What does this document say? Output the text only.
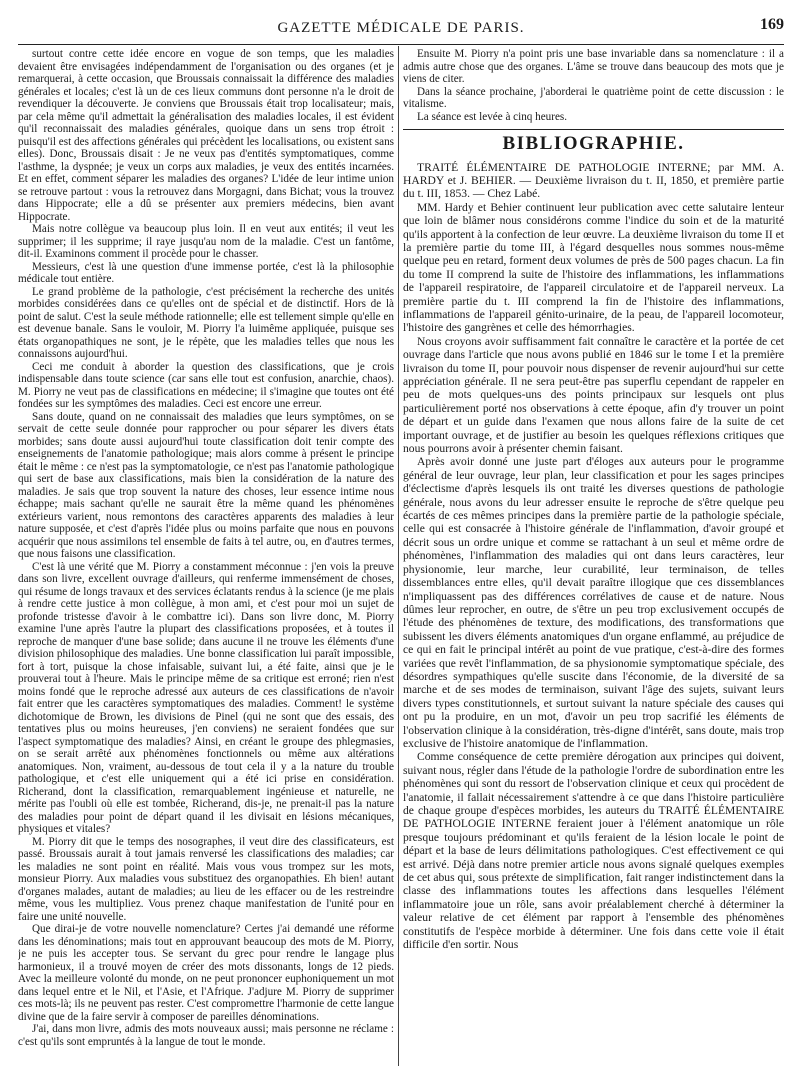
GAZETTE MÉDICALE DE PARIS.	169

surtout contre cette idée encore en vogue de son temps, que les maladies devaient être envisagées indépendamment de l'organisation ou des organes (et je remarquerai, à cette occasion, que Broussais connaissait la différence des maladies générales et locales; c'est là un de ces lieux communs dont personne n'a le droit de revendiquer la découverte. Je conviens que Broussais était trop localisateur; mais, par cela même qu'il admettait la généralisation des maladies locales, il est évident qu'il reconnaissait des maladies générales, quoique dans un sens trop étroit : puisqu'il est des affections générales qui précèdent les localisations, ou existent sans elles). Donc, Broussais disait : Je ne veux pas d'entités symptomatiques, comme l'asthme, la dyspnée; je veux un corps aux maladies, je veux des entités incarnées. Et en effet, comment séparer les maladies des organes? L'idée de leur intime union se retrouve partout : vous la retrouvez dans Morgagni, dans Bichat; vous la trouvez dans Hippocrate; elle a dû se présenter aux premiers médecins, bien avant Hippocrate.

Mais notre collègue va beaucoup plus loin. Il en veut aux entités; il veut les supprimer; il les supprime; il raye jusqu'au nom de la maladie. C'est un fantôme, dit-il. Examinons comment il procède pour le chasser.

Messieurs, c'est là une question d'une immense portée, c'est là la philosophie médicale tout entière.

Le grand problème de la pathologie, c'est précisément la recherche des unités morbides considérées dans ce qu'elles ont de spécial et de distinctif. Hors de là point de salut. C'est la seule méthode rationnelle; elle est tellement simple qu'elle en est devenue banale. Sans le vouloir, M. Piorry l'a luimême appliquée, puisque ses états organopathiques ne sont, je le répète, que les maladies telles que nous les connaissons aujourd'hui.

Ceci me conduit à aborder la question des classifications, que je crois indispensable dans toute science (car sans elle tout est confusion, anarchie, chaos). M. Piorry ne veut pas de classifications en médecine; il s'imagine que toutes ont été fondées sur les symptômes des maladies. Ceci est encore une erreur.

Sans doute, quand on ne connaissait des maladies que leurs symptômes, on se servait de cette seule donnée pour rapprocher ou pour séparer les divers états morbides; sans doute aussi aujourd'hui toute classification doit tenir compte des enseignements de l'anatomie pathologique; mais alors comme à présent le principe était le même : ce n'est pas la symptomatologie, ce n'est pas l'anatomie pathologique qui sert de base aux classifications, mais bien la considération de la nature des maladies. Je sais que trop souvent la nature des choses, leur essence intime nous échappe; mais sachant qu'elle ne saurait être la même quand les phénomènes extérieurs varient, nous remontons des caractères apparents des maladies à leur nature supposée, et c'est d'après l'idée plus ou moins parfaite que nous en pouvons acquérir que nous assimilons tel ensemble de faits à tel autre, ou, en d'autres termes, que nous faisons une classification.

C'est là une vérité que M. Piorry a constamment méconnue : j'en vois la preuve dans son livre, excellent ouvrage d'ailleurs, qui renferme immensément de choses, qui résume de longs travaux et des services éclatants rendus à la science (je me plais à rendre cette justice à mon collègue, à mon ami, et c'est pour moi un sujet de profonde tristesse d'avoir à le combattre ici). Dans son livre donc, M. Piorry examine l'une après l'autre la plupart des classifications proposées, et à toutes il reproche de manquer d'une base solide; dans aucune il ne trouve les éléments d'une division philosophique des maladies. Une bonne classification lui paraît impossible, fort à tort, puisque la chose infaisable, suivant lui, a été faite, ainsi que je le prouverai tout à l'heure. Mais le principe même de sa critique est erroné; rien n'est moins fondé que le reproche adressé aux auteurs de ces classifications de n'avoir fait entrer que les caractères symptomatiques des maladies. Comment! le système dichotomique de Brown, les divisions de Pinel (qui ne sont que des essais, des tentatives plus ou moins heureuses, j'en conviens) ne seraient fondées que sur l'aspect symptomatique des maladies? Ainsi, en créant le groupe des phlegmasies, on se serait arrêté aux phénomènes fonctionnels ou même aux altérations anatomiques. Non, vraiment, au-dessous de tout cela il y a la nature du trouble pathologique, et c'est elle uniquement qui a été ici prise en considération. Richerand, dont la classification, remarquablement ingénieuse et naturelle, ne mérite pas l'oubli où elle est tombée, Richerand, dis-je, ne prenait-il pas la nature des maladies pour point de départ quand il les divisait en lésions mécaniques, physiques et vitales?

M. Piorry dit que le temps des nosographes, il veut dire des classificateurs, est passé. Broussais aurait à tout jamais renversé les classifications des maladies; car les maladies ne sont point en réalité. Mais vous vous trompez sur les mots, monsieur Piorry. Aux maladies vous substituez des organopathies. Eh bien! autant d'organes malades, autant de maladies; au lieu de les effacer ou de les restreindre même, vous les multipliez. Vous prenez chaque manifestation de l'unité pour en faire une unité nouvelle.

Que dirai-je de votre nouvelle nomenclature? Certes j'ai demandé une réforme dans les dénominations; mais tout en approuvant beaucoup des mots de M. Piorry, je ne puis les accepter tous. Se servant du grec pour rendre le langage plus harmonieux, il a trouvé moyen de créer des mots dissonants, longs de 12 pieds. Avec la meilleure volonté du monde, on ne peut prononcer euphoniquement un mot dans lequel entre et le Nil, et l'Asie, et l'Afrique. J'adjure M. Piorry de supprimer ces mots-là; ils ne peuvent pas rester. C'est compromettre l'harmonie de cette langue divine que de la faire servir à composer de pareilles dénominations.

J'ai, dans mon livre, admis des mots nouveaux aussi; mais personne ne réclame : c'est qu'ils sont empruntés à la langue de tout le monde.

Ensuite M. Piorry n'a point pris une base invariable dans sa nomenclature : il a admis autre chose que des organes. L'âme se trouve dans beaucoup des mots que je viens de citer.

Dans la séance prochaine, j'aborderai le quatrième point de cette discussion : le vitalisme.

La séance est levée à cinq heures.

BIBLIOGRAPHIE.

TRAITÉ ÉLÉMENTAIRE DE PATHOLOGIE INTERNE; par MM. A. HARDY et J. BEHIER. — Deuxième livraison du t. II, 1850, et première partie du t. III, 1853. — Chez Labé.

MM. Hardy et Behier continuent leur publication avec cette salutaire lenteur que loin de blâmer nous considérons comme l'indice du soin et de la maturité qu'ils apportent à la confection de leur œuvre. La deuxième livraison du tome II et la première partie du tome III, à l'égard desquelles nous sommes nous-même quelque peu en retard, forment deux volumes de près de 500 pages chacun. La fin du tome II comprend la suite de l'histoire des inflammations, les inflammations de l'appareil respiratoire, de l'appareil circulatoire et de l'appareil nerveux. La première partie du t. III comprend la fin de l'histoire des inflammations, inflammations de l'appareil génito-urinaire, de la peau, de l'appareil locomoteur, l'histoire des gangrènes et celle des hémorrhagies.

Nous croyons avoir suffisamment fait connaître le caractère et la portée de cet ouvrage dans l'article que nous avons publié en 1846 sur le tome I et la première livraison du tome II, pour pouvoir nous dispenser de revenir aujourd'hui sur cette appréciation générale. Il ne sera peut-être pas superflu cependant de rappeler en peu de mots quelques-uns des points principaux sur lesquels ont plus particulièrement porté nos observations à cette époque, afin d'y trouver un point de départ et un guide dans l'examen que nous allons faire de la suite de cet important ouvrage, et de justifier au besoin les quelques réflexions critiques que nous pourrons avoir à présenter chemin faisant.

Après avoir donné une juste part d'éloges aux auteurs pour le programme général de leur ouvrage, leur plan, leur classification et pour les sages principes d'éclectisme d'après lesquels ils ont traité les diverses questions de pathologie générale, nous avons du leur adresser ensuite le reproche de s'être quelque peu écartés de ces mêmes principes dans la première partie de la pathologie spéciale, celle qui est consacrée à l'histoire générale de l'inflammation, d'avoir groupé et décrit sous un ordre unique et comme se rattachant à un seul et même ordre de phénomènes, l'inflammation des maladies qui ont dans leurs caractères, leur physionomie, leur marche, leur curabilité, leur terminaison, de telles dissemblances entre elles, qu'il devait paraître illogique que ces dissemblances n'impliquassent pas des différences corrélatives de cause et de nature. Nous dûmes leur reprocher, en outre, de s'être un peu trop exclusivement occupés de l'étude des phénomènes de texture, des modifications, des transformations que subissent les divers éléments anatomiques d'un organe enflammé, au préjudice de ce qui en fait le principal intérêt au point de vue pratique, c'est-à-dire des formes variées que revêt l'inflammation, de sa physionomie symptomatique spéciale, des désordres sympathiques qu'elle suscite dans l'économie, de la diversité de sa marche et de ses modes de terminaison, suivant l'âge des sujets, suivant leurs divers types constitutionnels, et surtout suivant la nature spéciale des causes qui ont pu la produire, en un mot, d'avoir un peu trop sacrifié les éléments de l'observation clinique à la considération, très-digne d'intérêt, sans doute, mais trop exclusive de l'histoire anatomique de l'inflammation.

Comme conséquence de cette première dérogation aux principes qui doivent, suivant nous, régler dans l'étude de la pathologie l'ordre de subordination entre les phénomènes qui sont du ressort de l'observation clinique et ceux qui procèdent de l'anatomie, il fallait nécessairement s'attendre à ce que dans l'histoire particulière de chaque groupe d'espèces morbides, les auteurs du TRAITÉ ÉLÉMENTAIRE DE PATHOLOGIE INTERNE feraient jouer à l'élément anatomique un rôle presque toujours prédominant et qu'ils feraient de la lésion locale le point de départ et la base de leurs délimitations pathologiques. C'est effectivement ce qui est arrivé. Déjà dans notre premier article nous avons signalé quelques exemples de cet abus qui, sous prétexte de simplification, fait ranger indistinctement dans la classe des inflammations toutes les affections dans lesquelles l'élément inflammatoire joue un rôle, sans avoir préalablement cherché à déterminer la valeur relative de cet élément par rapport à l'ensemble des phénomènes constitutifs de l'espèce morbide à déterminer. Une fois dans cette voie il était difficile d'en sortir. Nous
